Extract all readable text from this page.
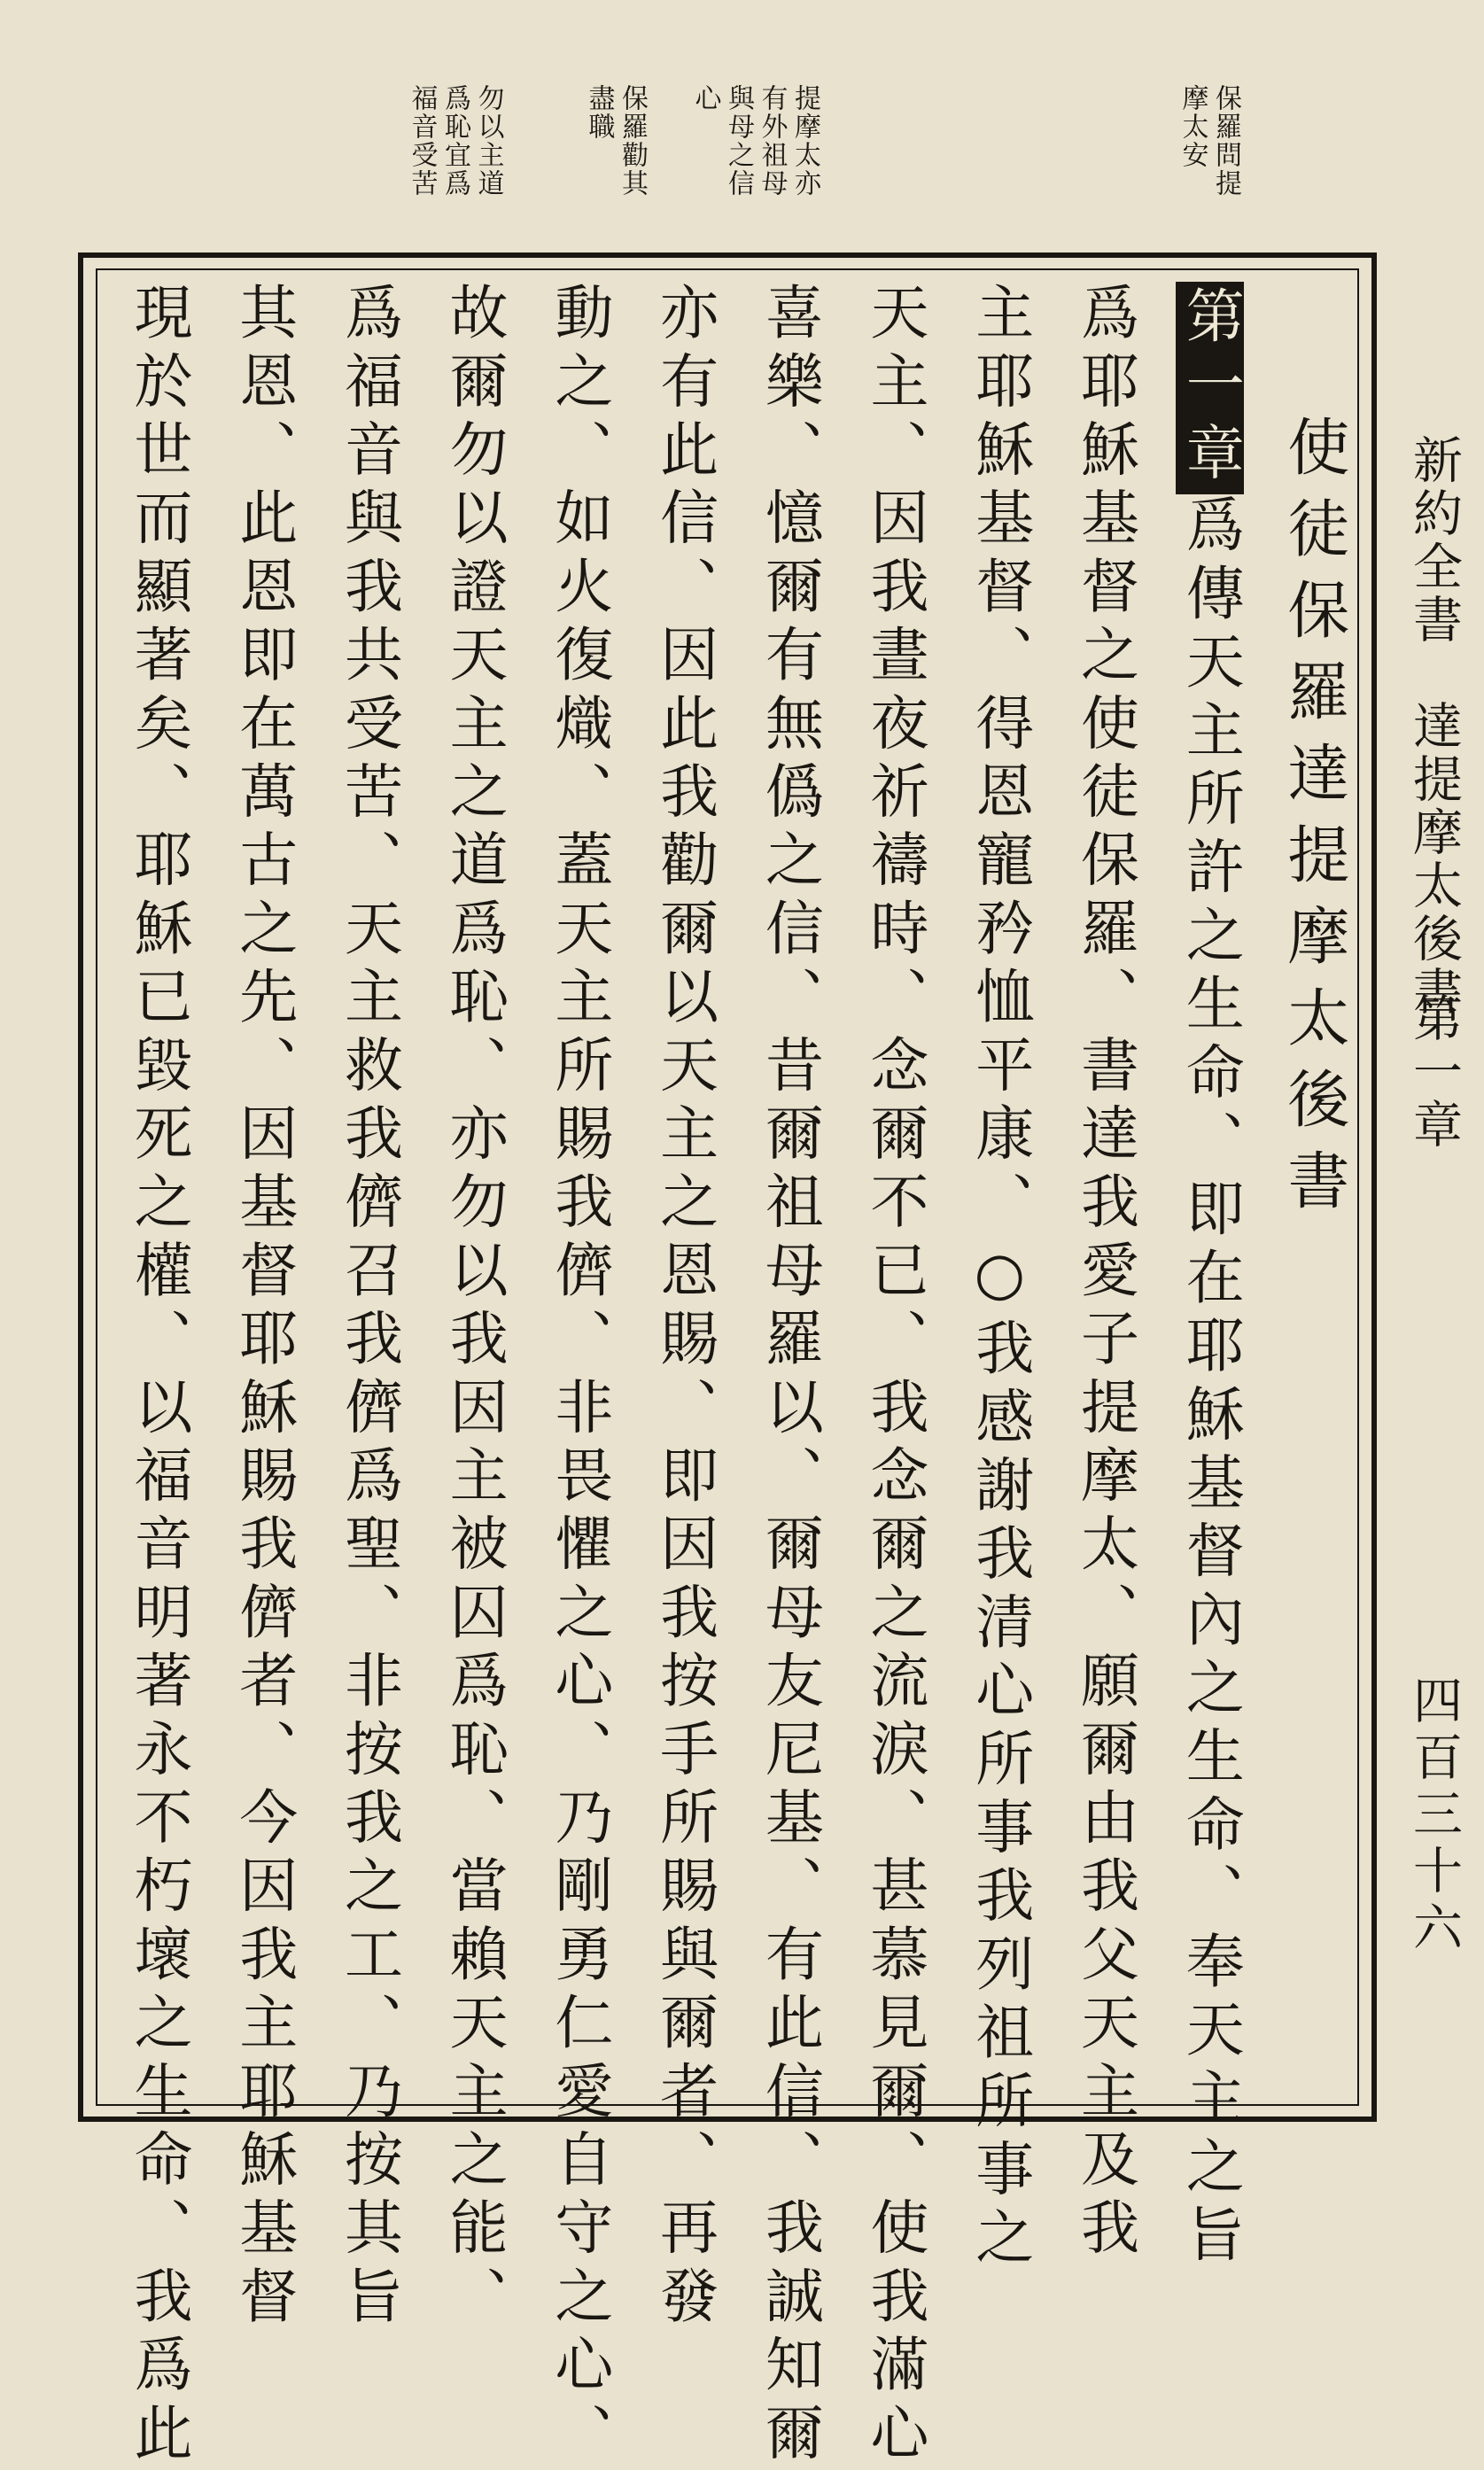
新約全書
達提摩太後書
第一章
四百三十六
保羅問提
摩太安
提摩太亦
有外祖母
與母之信
心
保羅勸其
盡職
勿以主道
爲恥宜爲
福音受苦
使徒保羅達提摩太後書
第一章爲傳天主所許之生命、即在耶穌基督內之生命、奉天主之旨
爲耶穌基督之使徒保羅、書達我愛子提摩太、願爾由我父天主及我
主耶穌基督、得恩寵矜恤平康、○我感謝我清心所事我列祖所事之
天主、因我晝夜祈禱時、念爾不已、我念爾之流淚、甚慕見爾、使我滿心
喜樂、憶爾有無僞之信、昔爾祖母羅以、爾母友尼基、有此信、我誠知爾
亦有此信、因此我勸爾以天主之恩賜、即因我按手所賜與爾者、再發
動之、如火復熾、蓋天主所賜我儕、非畏懼之心、乃剛勇仁愛自守之心、
故爾勿以證天主之道爲恥、亦勿以我因主被囚爲恥、當賴天主之能、
爲福音與我共受苦、天主救我儕召我儕爲聖、非按我之工、乃按其旨
其恩、此恩即在萬古之先、因基督耶穌賜我儕者、今因我主耶穌基督
現於世而顯著矣、耶穌已毀死之權、以福音明著永不朽壞之生命、我爲此
